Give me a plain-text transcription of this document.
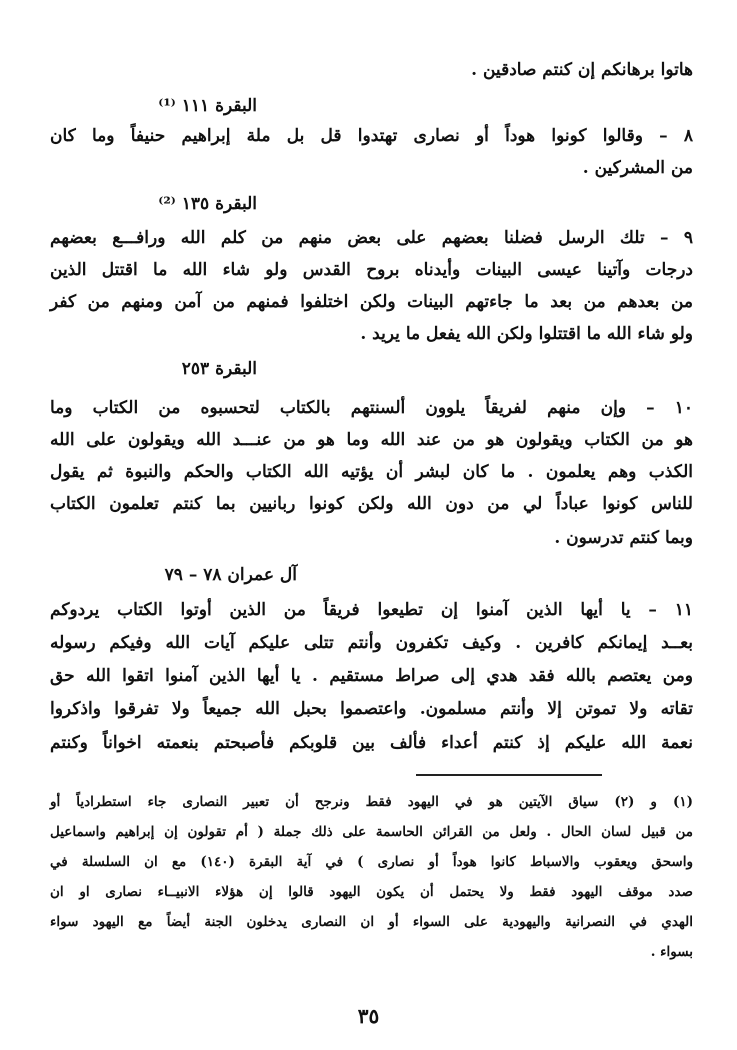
هاتوا برهانكم إن كنتم صادقين .
البقرة ١١١ ⁽¹⁾
٨ – وقالوا كونوا هوداً أو نصارى تهتدوا قل بل ملة إبراهيم حنيفاً وما كان
من المشركين .
البقرة ١٣٥ ⁽²⁾
٩ – تلك الرسل فضلنا بعضهم على بعض منهم من كلم الله ورافـــع بعضهم
درجات وآتينا عيسى البينات وأيدناه بروح القدس ولو شاء الله ما اقتتل الذين
من بعدهم من بعد ما جاءتهم البينات ولكن اختلفوا فمنهم من آمن ومنهم من كفر
ولو شاء الله ما اقتتلوا ولكن الله يفعل ما يريد .
البقرة ٢٥٣
١٠ – وإن منهم لفريقاً يلوون ألسنتهم بالكتاب لتحسبوه من الكتاب وما
هو من الكتاب ويقولون هو من عند الله وما هو من عنـــد الله ويقولون على الله
الكذب وهم يعلمون . ما كان لبشر أن يؤتيه الله الكتاب والحكم والنبوة ثم يقول
للناس كونوا عباداً لي من دون الله ولكن كونوا ربانيين بما كنتم تعلمون الكتاب
وبما كنتم تدرسون .
آل عمران ٧٨ – ٧٩
١١ – يا أيها الذين آمنوا إن تطيعوا فريقاً من الذين أوتوا الكتاب يردوكم
بعــد إيمانكم كافرين . وكيف تكفرون وأنتم تتلى عليكم آيات الله وفيكم رسوله
ومن يعتصم بالله فقد هدي إلى صراط مستقيم . يا أيها الذين آمنوا اتقوا الله حق
تقاته ولا تموتن إلا وأنتم مسلمون. واعتصموا بحبل الله جميعاً ولا تفرقوا واذكروا
نعمة الله عليكم إذ كنتم أعداء فألف بين قلوبكم فأصبحتم بنعمته اخواناً وكنتم
(١) و (٢) سياق الآيتين هو في اليهود فقط ونرجح أن تعبير النصارى جاء استطرادياً أو
من قبيل لسان الحال . ولعل من القرائن الحاسمة على ذلك جملة ( أم تقولون إن إبراهيم واسماعيل
واسحق ويعقوب والاسباط كانوا هوداً أو نصارى ) في آية البقرة (١٤٠) مع ان السلسلة في
صدد موقف اليهود فقط ولا يحتمل أن يكون اليهود قالوا إن هؤلاء الانبيــاء نصارى او ان
الهدي في النصرانية واليهودية على السواء أو ان النصارى يدخلون الجنة أيضاً مع اليهود سواء
بسواء .
٣٥
